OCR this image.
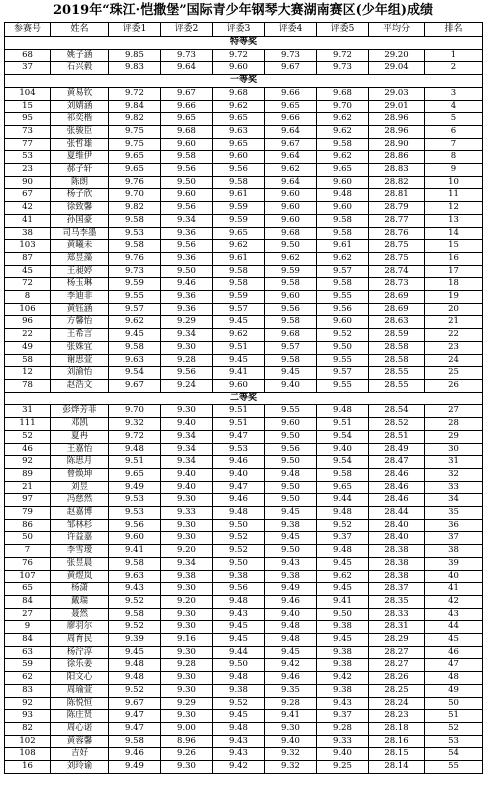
2019年“珠江·恺撒堡”国际青少年钢琴大赛湖南赛区(少年组)成绩
参赛号	姓名	评委1	评委2	评委3	评委4	评委5	平均分	排名
特等奖								
68	姚子涵	9.85	9.73	9.72	9.73	9.72	29.20	1
37	石兴毅	9.83	9.64	9.60	9.67	9.73	29.04	2
一等奖								
104	黄易钦	9.72	9.67	9.68	9.66	9.68	29.03	3
15	刘婧涵	9.84	9.66	9.62	9.65	9.70	29.01	4
95	祁奕楷	9.82	9.65	9.65	9.66	9.62	28.96	5
73	张骏臣	9.75	9.68	9.63	9.64	9.62	28.96	6
77	张哲雄	9.75	9.60	9.65	9.67	9.58	28.90	7
53	夏维伊	9.65	9.58	9.60	9.64	9.62	28.86	8
23	郝子轩	9.65	9.56	9.56	9.62	9.65	28.83	9
90	陈朗	9.76	9.50	9.58	9.64	9.60	28.82	10
67	杨子欣	9.70	9.60	9.61	9.60	9.48	28.81	11
42	徐致馨	9.82	9.56	9.59	9.60	9.60	28.79	12
41	孙国豪	9.58	9.34	9.59	9.60	9.58	28.77	13
38	司马李墨	9.53	9.36	9.65	9.68	9.58	28.76	14
103	黄曦未	9.58	9.56	9.62	9.50	9.61	28.75	15
87	郑昱藻	9.76	9.36	9.61	9.62	9.62	28.75	16
45	王昶婷	9.73	9.50	9.58	9.59	9.57	28.74	17
72	杨玉琳	9.59	9.46	9.58	9.58	9.58	28.73	18
8	李迪非	9.55	9.36	9.59	9.60	9.55	28.69	19
106	黄钰涵	9.57	9.36	9.57	9.56	9.56	28.69	20
96	方馨怡	9.62	9.29	9.45	9.58	9.60	28.63	21
22	王希言	9.45	9.34	9.62	9.68	9.52	28.59	22
49	张姝宜	9.58	9.30	9.51	9.57	9.50	28.58	23
58	谢思萱	9.63	9.28	9.45	9.58	9.55	28.58	24
12	刘渝怡	9.54	9.56	9.41	9.45	9.57	28.55	25
78	赵浩文	9.67	9.24	9.60	9.40	9.55	28.55	26
二等奖								
31	彭烨芳菲	9.70	9.30	9.51	9.55	9.48	28.54	27
111	邓凯	9.32	9.40	9.51	9.60	9.51	28.52	28
52	夏冉	9.72	9.34	9.47	9.50	9.54	28.51	29
46	王嘉怡	9.48	9.34	9.53	9.56	9.40	28.49	30
92	陈思月	9.51	9.34	9.46	9.50	9.54	28.47	31
89	曾焕坤	9.65	9.40	9.40	9.48	9.58	28.46	32
21	刘昱	9.49	9.40	9.47	9.50	9.65	28.46	33
97	冯慈然	9.53	9.30	9.46	9.50	9.44	28.46	34
79	赵嘉博	9.53	9.33	9.48	9.45	9.48	28.44	35
86	邹林杉	9.56	9.30	9.50	9.38	9.52	28.40	36
50	许益嘉	9.60	9.30	9.52	9.45	9.37	28.40	37
7	李雪瑷	9.41	9.20	9.52	9.50	9.48	28.38	38
76	张昱晨	9.58	9.34	9.50	9.43	9.45	28.38	39
107	黄煜岚	9.63	9.38	9.38	9.38	9.62	28.38	40
65	杨潇	9.43	9.30	9.56	9.49	9.45	28.37	41
84	戴瑞	9.52	9.20	9.48	9.46	9.41	28.35	42
27	聂然	9.58	9.30	9.43	9.40	9.50	28.33	43
9	廖羽尔	9.52	9.30	9.45	9.48	9.38	28.31	44
84	周育民	9.39	9.16	9.45	9.48	9.45	28.29	45
63	杨泞淳	9.45	9.30	9.44	9.45	9.38	28.27	46
59	徐乐姜	9.48	9.28	9.50	9.42	9.38	28.27	47
62	阳文心	9.48	9.30	9.48	9.46	9.42	28.26	48
83	周瑜萱	9.52	9.30	9.38	9.35	9.38	28.25	49
92	陈悦恒	9.67	9.29	9.52	9.28	9.43	28.24	50
93	陈庄贤	9.47	9.30	9.45	9.41	9.37	28.23	51
82	周心诺	9.47	9.00	9.48	9.30	9.28	28.18	52
102	黄蓉馨	9.58	8.96	9.43	9.40	9.33	28.16	53
108	吉好	9.46	9.26	9.43	9.32	9.40	28.15	54
16	刘玲谕	9.49	9.30	9.42	9.32	9.25	28.14	55
